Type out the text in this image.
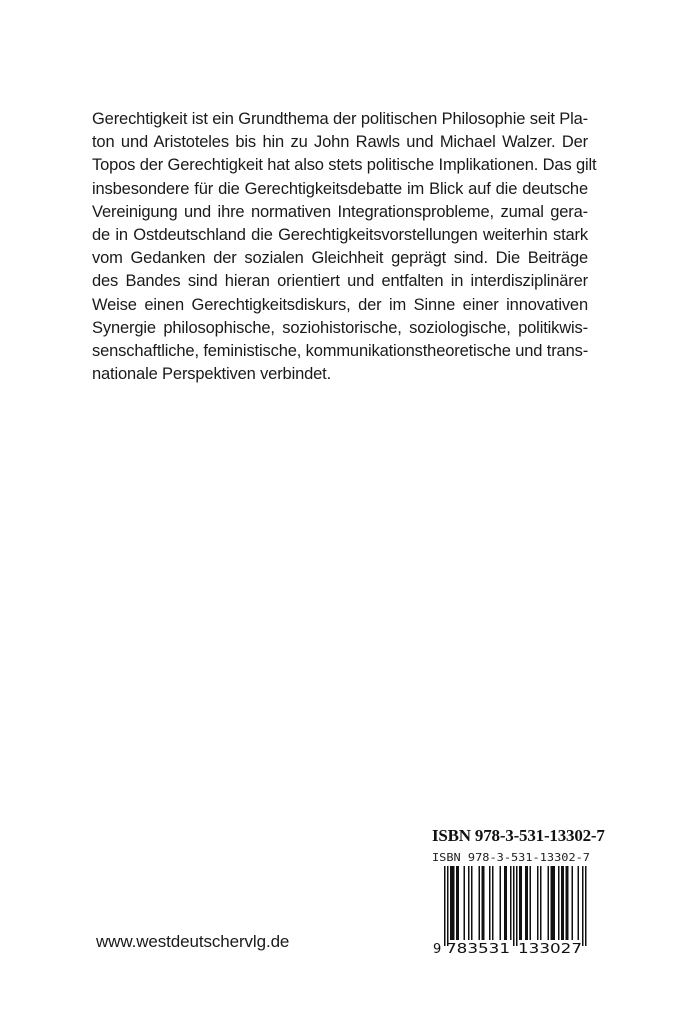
Gerechtigkeit ist ein Grundthema der politischen Philosophie seit Pla-
ton und Aristoteles bis hin zu John Rawls und Michael Walzer. Der
Topos der Gerechtigkeit hat also stets politische Implikationen. Das gilt
insbesondere für die Gerechtigkeitsdebatte im Blick auf die deutsche
Vereinigung und ihre normativen Integrationsprobleme, zumal gera-
de in Ostdeutschland die Gerechtigkeitsvorstellungen weiterhin stark
vom Gedanken der sozialen Gleichheit geprägt sind. Die Beiträge
des Bandes sind hieran orientiert und entfalten in interdisziplinärer
Weise einen Gerechtigkeitsdiskurs, der im Sinne einer innovativen
Synergie philosophische, soziohistorische, soziologische, politikwis-
senschaftliche, feministische, kommunikationstheoretische und trans-
nationale Perspektiven verbindet.
ISBN 978-3-531-13302-7
ISBN 978-3-531-13302-7
9 783531 133027
www.westdeutschervlg.de
